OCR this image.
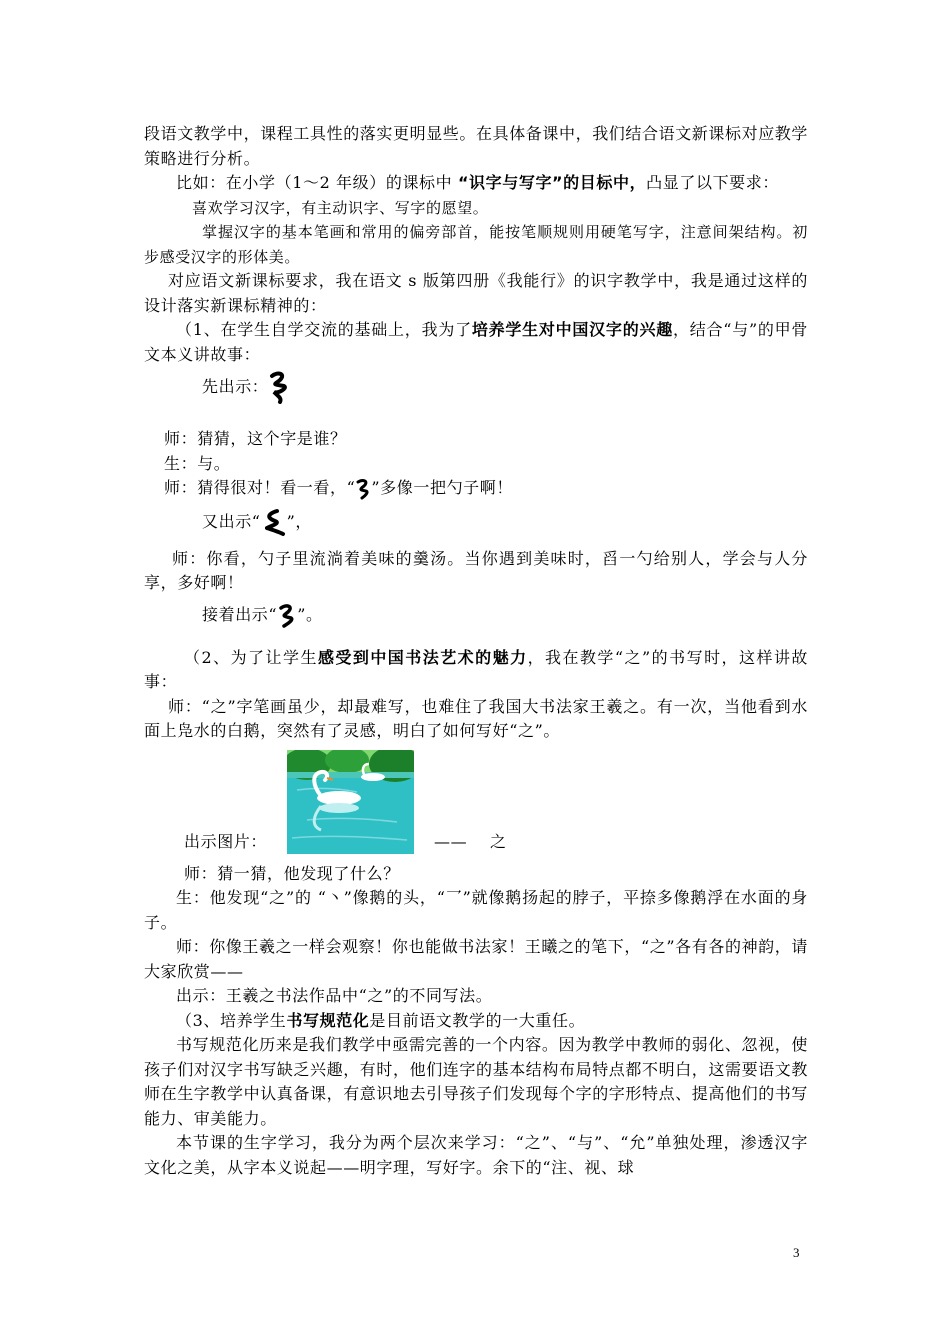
段语文教学中，课程工具性的落实更明显些。在具体备课中，我们结合语文新课标对应教学策略进行分析。

比如：在小学（1～2 年级）的课标中 “识字与写字”的目标中，凸显了以下要求：

喜欢学习汉字，有主动识字、写字的愿望。

掌握汉字的基本笔画和常用的偏旁部首，能按笔顺规则用硬笔写字，注意间架结构。初步感受汉字的形体美。

对应语文新课标要求，我在语文 s 版第四册《我能行》的识字教学中，我是通过这样的设计落实新课标精神的：

（1、在学生自学交流的基础上，我为了培养学生对中国汉字的兴趣，结合“与”的甲骨文本义讲故事：

先出示：

师：猜猜，这个字是谁？

生：与。

师：猜得很对！看一看，“ ”多像一把勺子啊！

又出示“ ”，

师：你看，勺子里流淌着美味的羹汤。当你遇到美味时，舀一勺给别人，学会与人分享，多好啊！

接着出示“ ”。

（2、为了让学生感受到中国书法艺术的魅力，我在教学“之”的书写时，这样讲故事：

师：“之”字笔画虽少，却最难写，也难住了我国大书法家王羲之。有一次，当他看到水面上凫水的白鹅，突然有了灵感，明白了如何写好“之”。

出示图片：	—— 之

师：猜一猜，他发现了什么？

生：他发现“之”的 “丶”像鹅的头，“乛”就像鹅扬起的脖子，平捺多像鹅浮在水面的身子。

师：你像王羲之一样会观察！你也能做书法家！王曦之的笔下，“之”各有各的神韵，请大家欣赏——

出示：王羲之书法作品中“之”的不同写法。

（3、培养学生书写规范化是目前语文教学的一大重任。

书写规范化历来是我们教学中亟需完善的一个内容。因为教学中教师的弱化、忽视，使孩子们对汉字书写缺乏兴趣，有时，他们连字的基本结构布局特点都不明白，这需要语文教师在生字教学中认真备课，有意识地去引导孩子们发现每个字的字形特点、提高他们的书写能力、审美能力。

本节课的生字学习，我分为两个层次来学习：“之”、“与”、“允”单独处理，渗透汉字文化之美，从字本义说起——明字理，写好字。余下的“注、视、球

3
